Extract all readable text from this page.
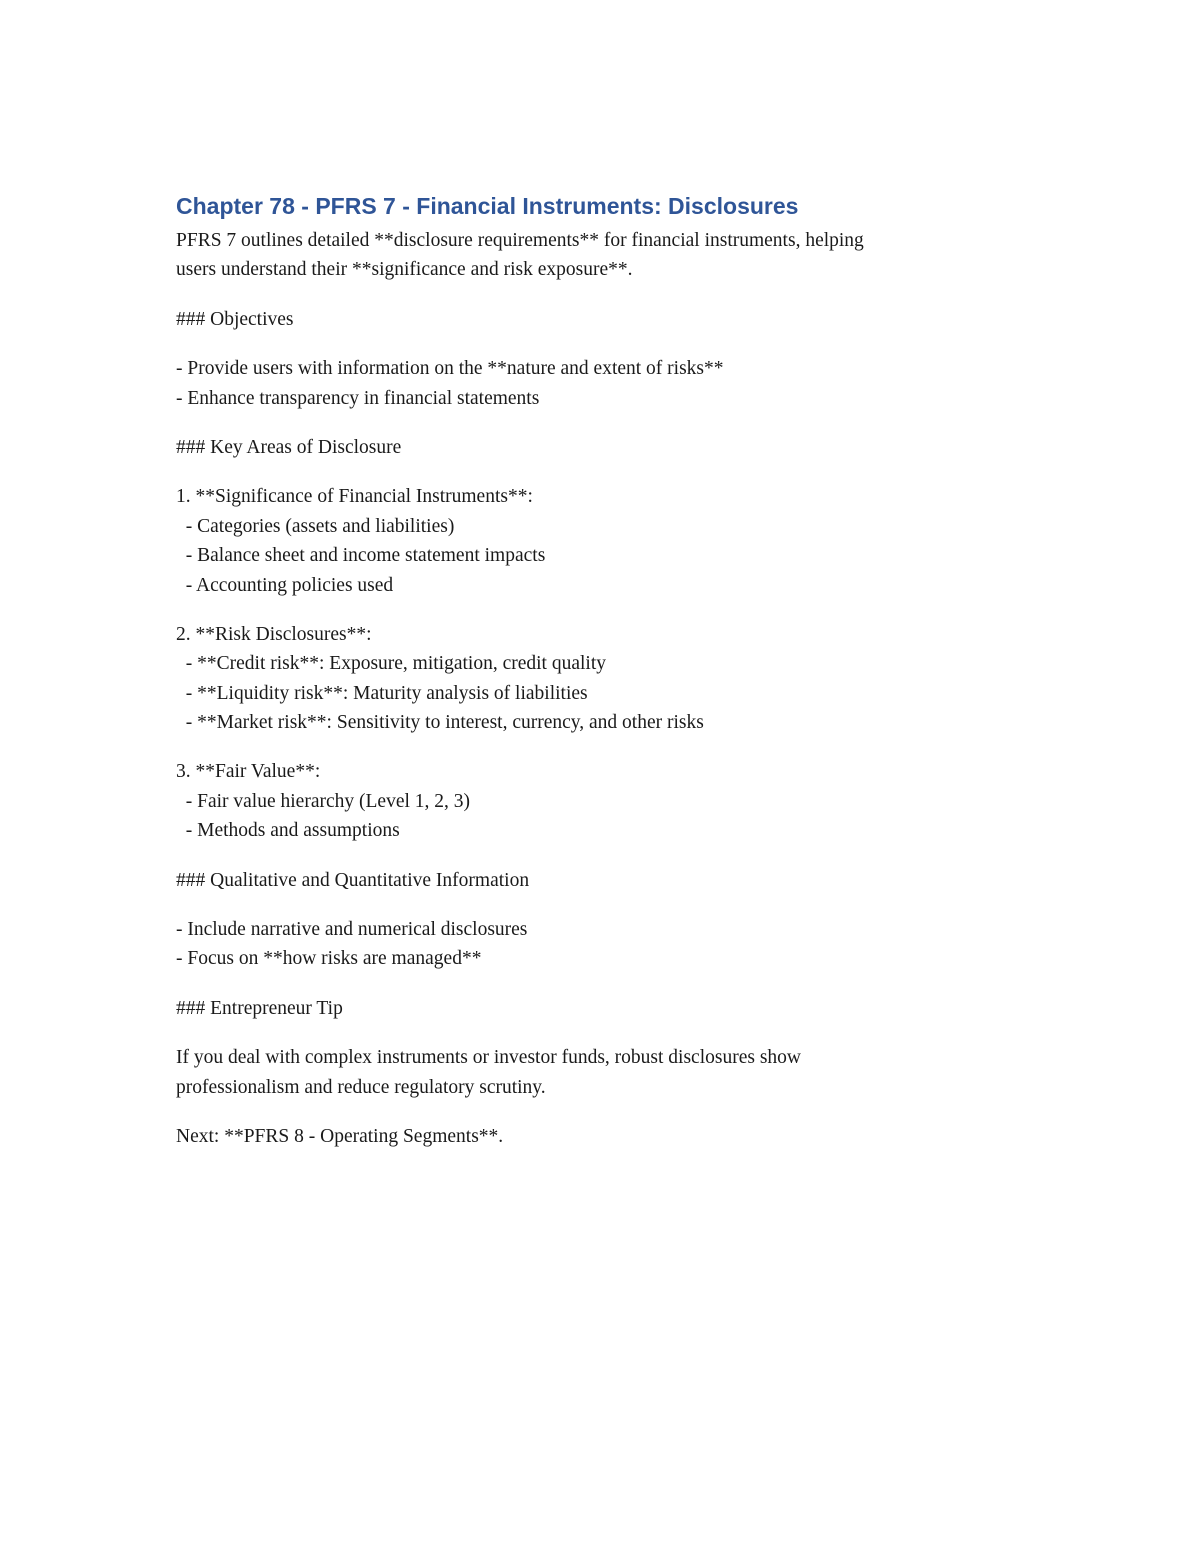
Chapter 78 - PFRS 7 - Financial Instruments: Disclosures
PFRS 7 outlines detailed **disclosure requirements** for financial instruments, helping
users understand their **significance and risk exposure**.
### Objectives
- Provide users with information on the **nature and extent of risks**
- Enhance transparency in financial statements
### Key Areas of Disclosure
1. **Significance of Financial Instruments**:
- Categories (assets and liabilities)
- Balance sheet and income statement impacts
- Accounting policies used
2. **Risk Disclosures**:
- **Credit risk**: Exposure, mitigation, credit quality
- **Liquidity risk**: Maturity analysis of liabilities
- **Market risk**: Sensitivity to interest, currency, and other risks
3. **Fair Value**:
- Fair value hierarchy (Level 1, 2, 3)
- Methods and assumptions
### Qualitative and Quantitative Information
- Include narrative and numerical disclosures
- Focus on **how risks are managed**
### Entrepreneur Tip
If you deal with complex instruments or investor funds, robust disclosures show
professionalism and reduce regulatory scrutiny.
Next: **PFRS 8 - Operating Segments**.
